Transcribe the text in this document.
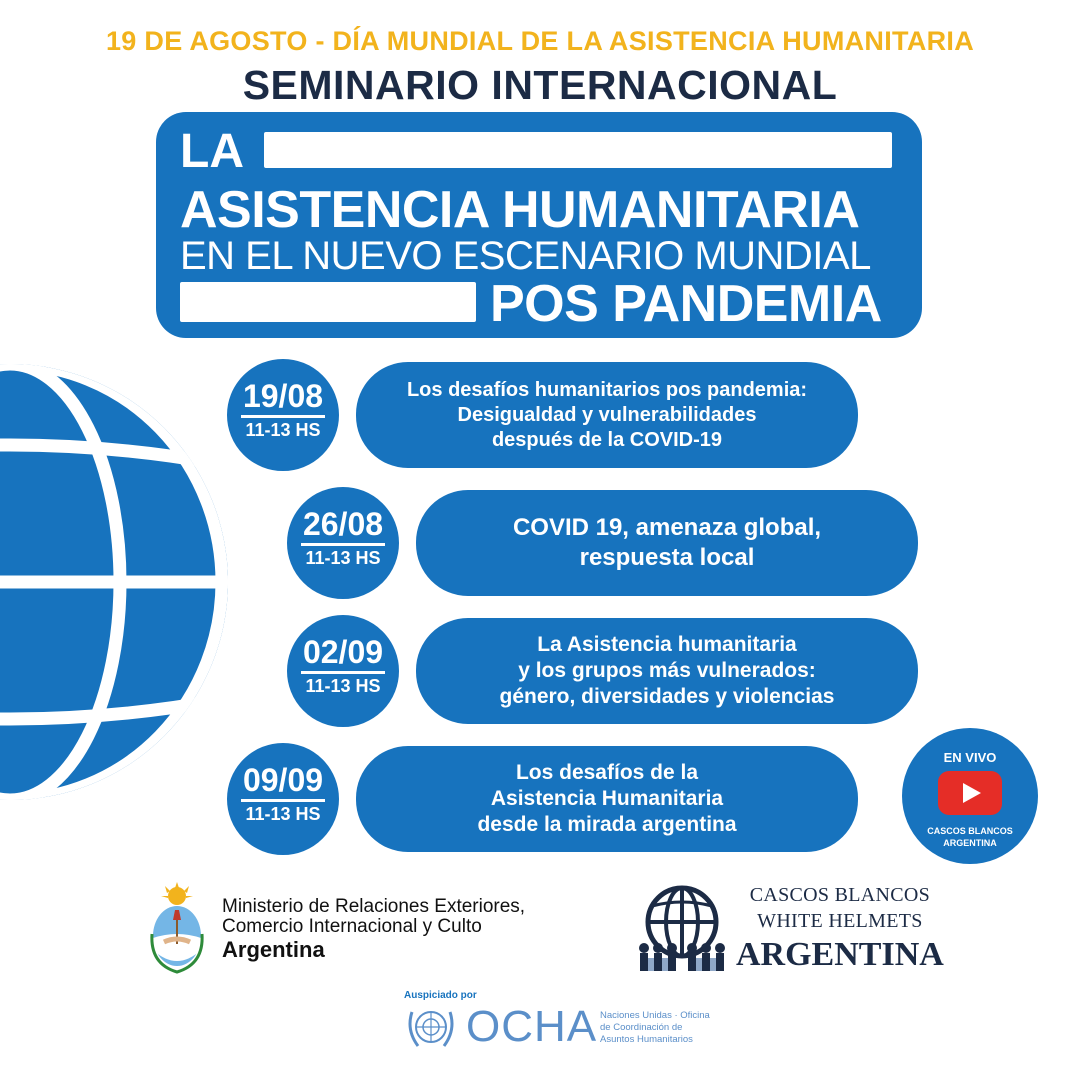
19 DE AGOSTO - DÍA MUNDIAL DE LA ASISTENCIA HUMANITARIA
SEMINARIO INTERNACIONAL
LA
ASISTENCIA HUMANITARIA
EN EL NUEVO ESCENARIO MUNDIAL
POS PANDEMIA
19/08
11-13 HS
Los desafíos humanitarios pos pandemia:
Desigualdad y vulnerabilidades
después de la COVID-19
26/08
11-13 HS
COVID 19, amenaza global,
respuesta local
02/09
11-13 HS
La Asistencia humanitaria
y los grupos más vulnerados:
género, diversidades y violencias
09/09
11-13 HS
Los desafíos de la
Asistencia Humanitaria
desde la mirada argentina
EN VIVO
CASCOS BLANCOS
ARGENTINA
Ministerio de Relaciones Exteriores,
Comercio Internacional y Culto
Argentina
CASCOS BLANCOS
WHITE HELMETS
ARGENTINA
Auspiciado por
OCHA Naciones Unidas · Oficina
de Coordinación de
Asuntos Humanitarios
